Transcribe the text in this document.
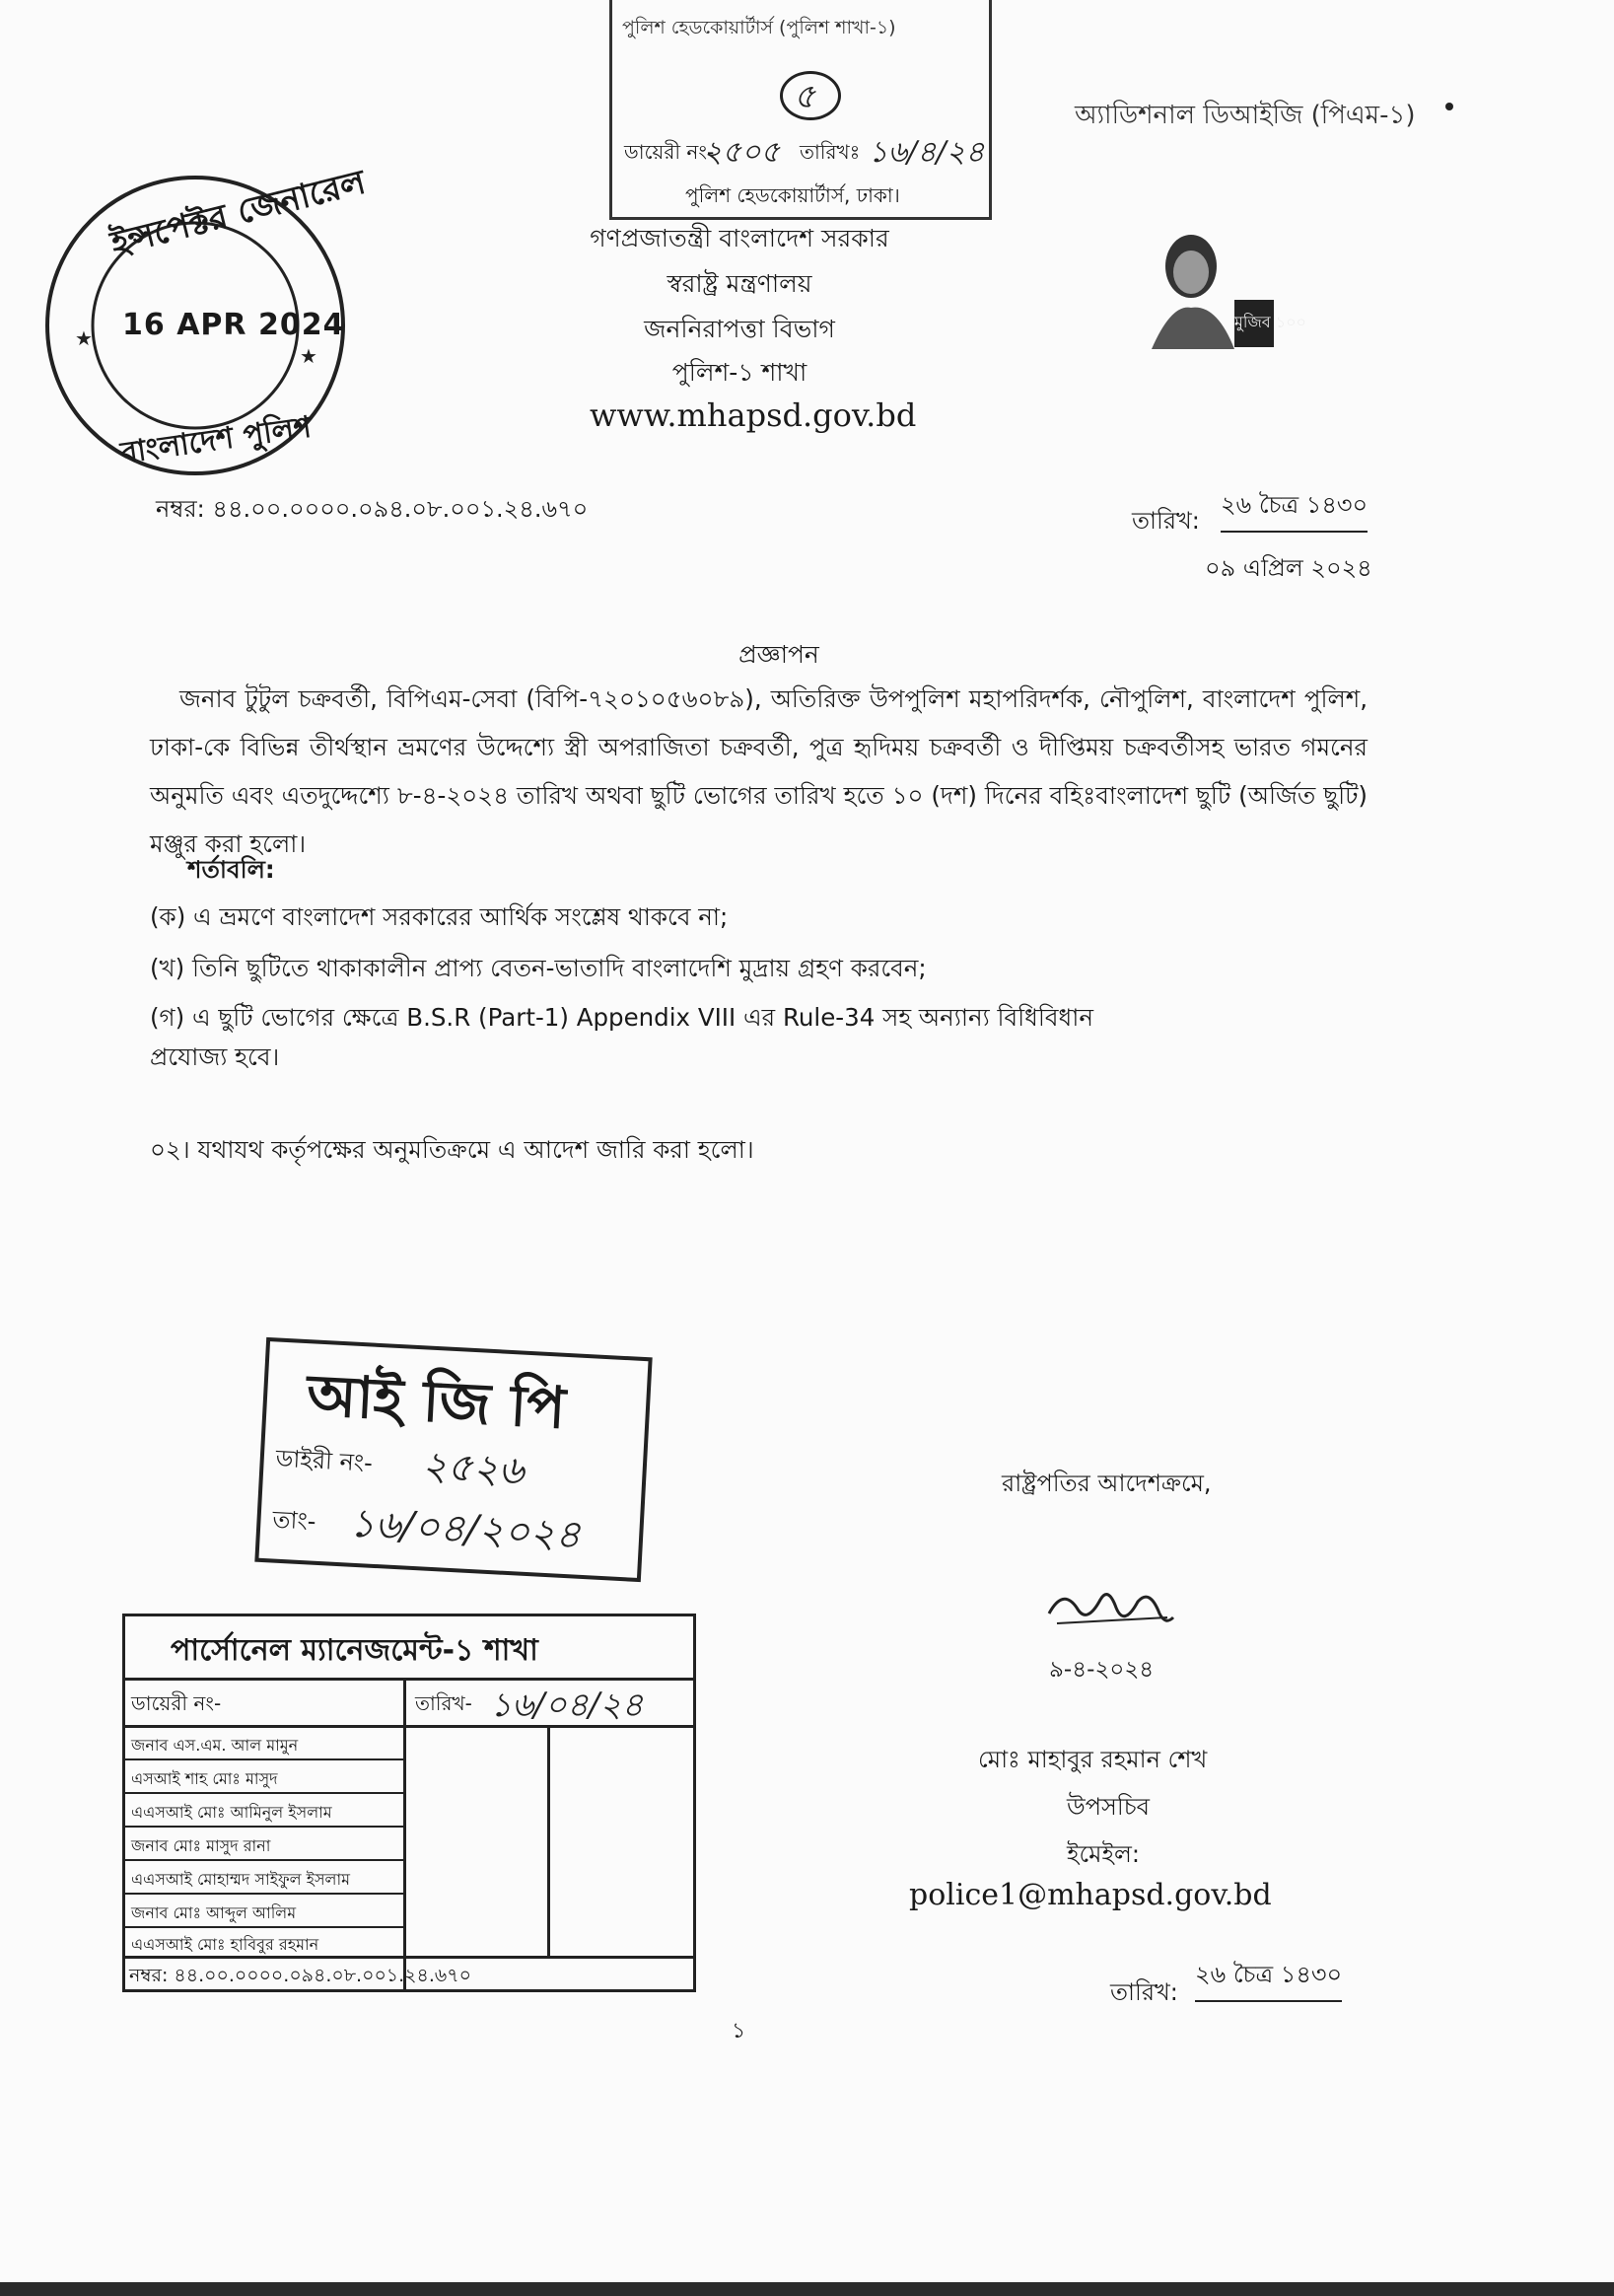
পুলিশ হেডকোয়ার্টার্স (পুলিশ শাখা-১)
৫
ডায়েরী নং-
২৫০৫ তারিখঃ ১৬/৪/২৪
পুলিশ হেডকোয়ার্টার্স, ঢাকা।
অ্যাডিশনাল ডিআইজি (পিএম-১)
★
★
ইন্সপেক্টর জেনারেল
16 APR 2024
বাংলাদেশ পুলিশ
গণপ্রজাতন্ত্রী বাংলাদেশ সরকার
স্বরাষ্ট্র মন্ত্রণালয়
জননিরাপত্তা বিভাগ
পুলিশ-১ শাখা
www.mhapsd.gov.bd
মুজিব ১০০
নম্বর: ৪৪.০০.০০০০.০৯৪.০৮.০০১.২৪.৬৭০	তারিখ:
২৬ চৈত্র ১৪৩০
০৯ এপ্রিল ২০২৪
প্রজ্ঞাপন
জনাব টুটুল চক্রবর্তী, বিপিএম-সেবা (বিপি-৭২০১০৫৬০৮৯), অতিরিক্ত উপপুলিশ মহাপরিদর্শক, নৌপুলিশ, বাংলাদেশ পুলিশ, ঢাকা-কে বিভিন্ন তীর্থস্থান ভ্রমণের উদ্দেশ্যে স্ত্রী অপরাজিতা চক্রবর্তী, পুত্র হৃদিময় চক্রবর্তী ও দীপ্তিময় চক্রবর্তীসহ ভারত গমনের অনুমতি এবং এতদুদ্দেশ্যে ৮-৪-২০২৪ তারিখ অথবা ছুটি ভোগের তারিখ হতে ১০ (দশ) দিনের বহিঃবাংলাদেশ ছুটি (অর্জিত ছুটি) মঞ্জুর করা হলো।
শর্তাবলি:
(ক) এ ভ্রমণে বাংলাদেশ সরকারের আর্থিক সংশ্লেষ থাকবে না;
(খ) তিনি ছুটিতে থাকাকালীন প্রাপ্য বেতন-ভাতাদি বাংলাদেশি মুদ্রায় গ্রহণ করবেন;
(গ) এ ছুটি ভোগের ক্ষেত্রে B.S.R (Part-1) Appendix VIII এর Rule-34 সহ অন্যান্য বিধিবিধান
প্রযোজ্য হবে।
০২। যথাযথ কর্তৃপক্ষের অনুমতিক্রমে এ আদেশ জারি করা হলো।
আই জি পি
ডাইরী নং- ২৫২৬
তাং- ১৬/০৪/২০২৪
রাষ্ট্রপতির আদেশক্রমে,
৯-৪-২০২৪
মোঃ মাহাবুর রহমান শেখ
উপসচিব
ইমেইল:
police1@mhapsd.gov.bd
পার্সোনেল ম্যানেজমেন্ট-১ শাখা
ডায়েরী নং-	তারিখ- ১৬/০৪/২৪
জনাব এস.এম. আল মামুন
এসআই শাহ মোঃ মাসুদ
এএসআই মোঃ আমিনুল ইসলাম
জনাব মোঃ মাসুদ রানা
এএসআই মোহাম্মদ সাইফুল ইসলাম
জনাব মোঃ আব্দুল আলিম
এএসআই মোঃ হাবিবুর রহমান
নম্বর: ৪৪.০০.০০০০.০৯৪.০৮.০০১.২৪.৬৭০
তারিখ:
২৬ চৈত্র ১৪৩০
১
